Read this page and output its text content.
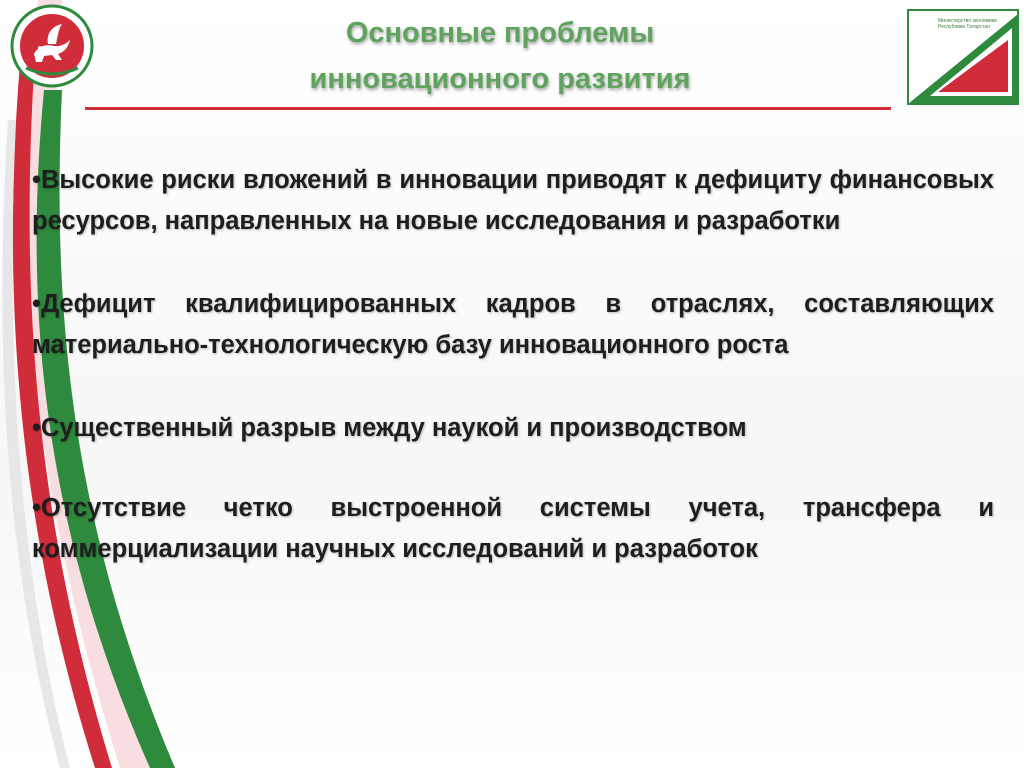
Министерство экономики
Республики Татарстан
Основные проблемы
инновационного развития
• Высокие риски вложений в инновации приводят к дефициту финансовых ресурсов, направленных на новые исследования и разработки
• Дефицит квалифицированных кадров в отраслях, составляющих материально-технологическую базу инновационного роста
• Существенный разрыв между наукой и производством
• Отсутствие четко выстроенной системы учета, трансфера и коммерциализации научных исследований и разработок
